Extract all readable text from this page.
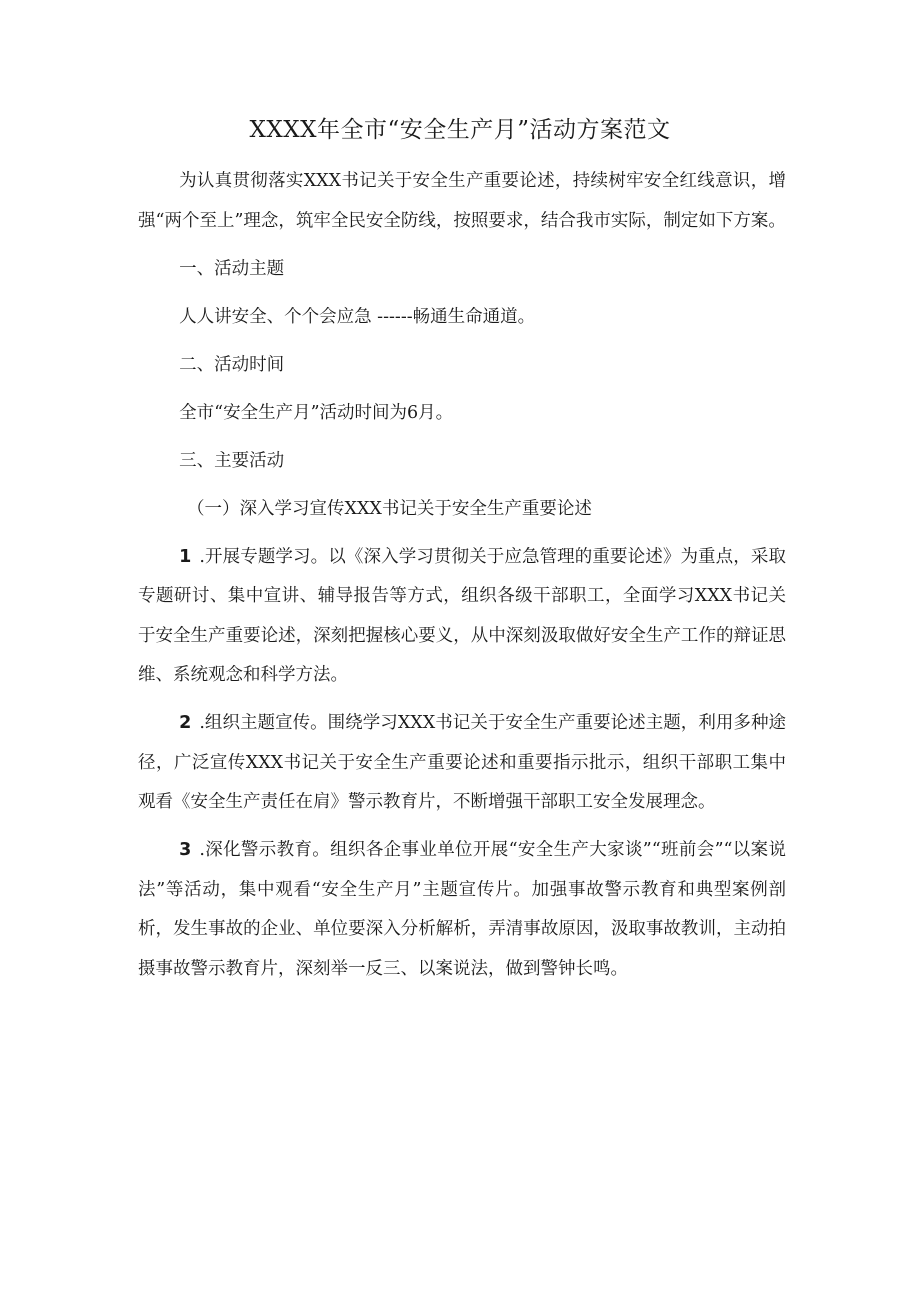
XXXX年全市“安全生产月”活动方案范文

为认真贯彻落实XXX书记关于安全生产重要论述，持续树牢安全红线意识，增强“两个至上”理念，筑牢全民安全防线，按照要求，结合我市实际，制定如下方案。

一、活动主题

人人讲安全、个个会应急 ------畅通生命通道。

二、活动时间

全市“安全生产月”活动时间为6月。

三、主要活动

（一）深入学习宣传XXX书记关于安全生产重要论述

1 .开展专题学习。以《深入学习贯彻关于应急管理的重要论述》为重点，采取专题研讨、集中宣讲、辅导报告等方式，组织各级干部职工，全面学习XXX书记关于安全生产重要论述，深刻把握核心要义，从中深刻汲取做好安全生产工作的辩证思维、系统观念和科学方法。

2 .组织主题宣传。围绕学习XXX书记关于安全生产重要论述主题，利用多种途径，广泛宣传XXX书记关于安全生产重要论述和重要指示批示，组织干部职工集中观看《安全生产责任在肩》警示教育片，不断增强干部职工安全发展理念。

3 .深化警示教育。组织各企事业单位开展“安全生产大家谈”“班前会”“以案说法”等活动，集中观看“安全生产月”主题宣传片。加强事故警示教育和典型案例剖析，发生事故的企业、单位要深入分析解析，弄清事故原因，汲取事故教训，主动拍摄事故警示教育片，深刻举一反三、以案说法，做到警钟长鸣。
